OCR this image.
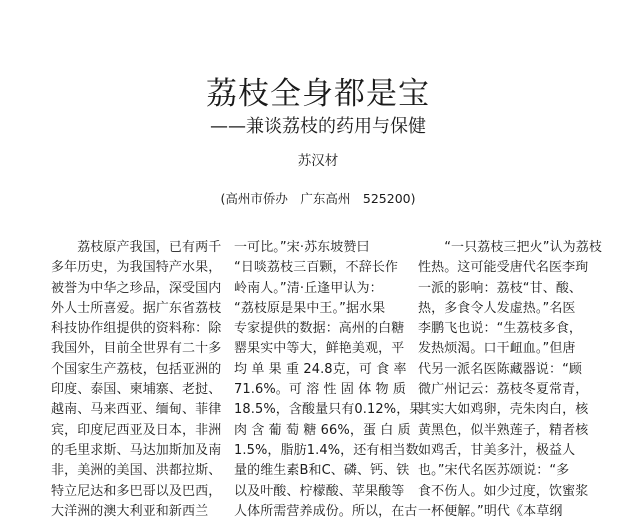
荔枝全身都是宝
——兼谈荔枝的药用与保健
苏汉材
(高州市侨办　广东高州　525200)
　　荔枝原产我国，已有两千
多年历史，为我国特产水果，
被誉为中华之珍品，深受国内
外人士所喜爱。据广东省荔枝
科技协作组提供的资料称：除
我国外，目前全世界有二十多
个国家生产荔枝，包括亚洲的
印度、泰国、柬埔寨、老挝、
越南、马来西亚、缅甸、菲律
宾，印度尼西亚及日本，非洲
的毛里求斯、马达加斯加及南
非，美洲的美国、洪都拉斯、
特立尼达和多巴哥以及巴西，
大洋洲的澳大利亚和新西兰
一可比。”宋·苏东坡赞曰
“日啖荔枝三百颗，不辞长作
岭南人。”清·丘逢甲认为：
“荔枝原是果中王。”据水果
专家提供的数据：高州的白糖
罂果实中等大，鲜艳美观，平
均 单 果 重 24.8克，可 食 率
71.6%。可 溶 性 固 体 物 质
18.5%，含酸量只有0.12%，果
肉 含 葡 萄 糖 66%，蛋 白 质
1.5%，脂肪1.4%，还有相当数
量的维生素B和C、磷、钙、铁
以及叶酸、柠檬酸、苹果酸等
人体所需营养成份。所以，在古
　　“一只荔枝三把火”认为荔枝
性热。这可能受唐代名医李珣
一派的影响：荔枝“甘、酸、
热，多食令人发虚热。”名医
李鹏飞也说：“生荔枝多食，
发热烦渴。口干衄血。”但唐
代另一派名医陈藏器说：“顾
微广州记云：荔枝冬夏常青，
其实大如鸡卵，壳朱肉白，核
黄黑色，似半熟莲子，精者核
如鸡舌，甘美多汁，极益人
也。”宋代名医苏颂说：“多
食不伤人。如少过度，饮蜜浆
一杯便解。”明代《本草纲
